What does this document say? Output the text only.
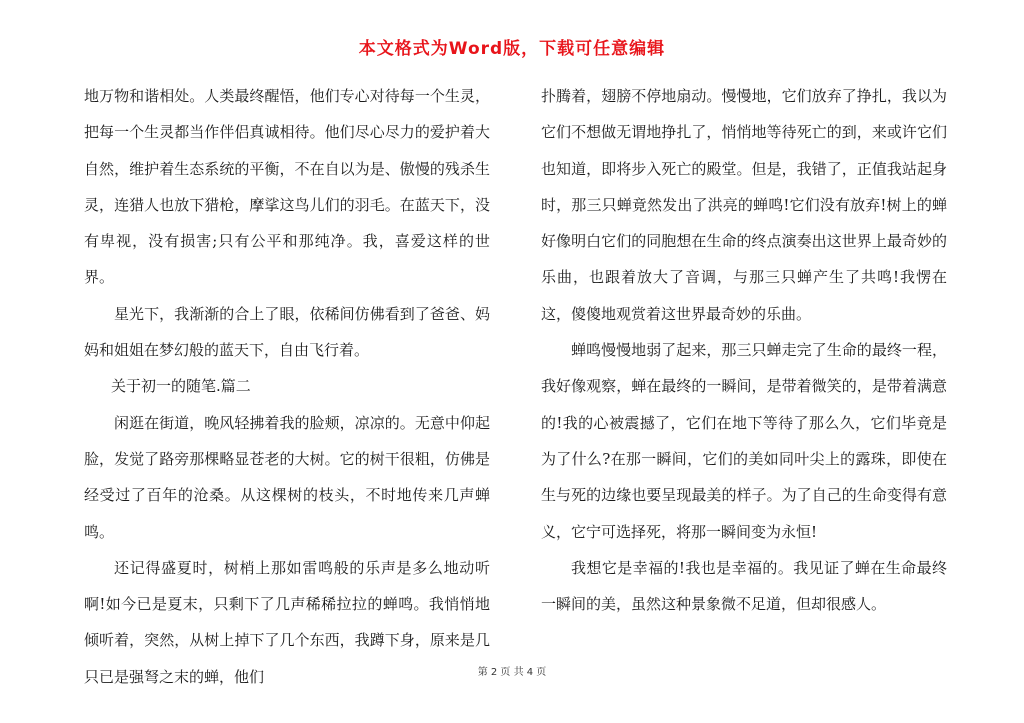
本文格式为Word版，下载可任意编辑

地万物和谐相处。人类最终醒悟，他们专心对待每一个生灵，把每一个生灵都当作伴侣真诚相待。他们尽心尽力的爱护着大自然，维护着生态系统的平衡，不在自以为是、傲慢的残杀生灵，连猎人也放下猎枪，摩挲这鸟儿们的羽毛。在蓝天下，没有卑视，没有损害;只有公平和那纯净。我，喜爱这样的世界。

星光下，我渐渐的合上了眼，依稀间仿佛看到了爸爸、妈妈和姐姐在梦幻般的蓝天下，自由飞行着。

关于初一的随笔.篇二

闲逛在街道，晚风轻拂着我的脸颊，凉凉的。无意中仰起脸，发觉了路旁那棵略显苍老的大树。它的树干很粗，仿佛是经受过了百年的沧桑。从这棵树的枝头，不时地传来几声蝉鸣。

还记得盛夏时，树梢上那如雷鸣般的乐声是多么地动听啊!如今已是夏末，只剩下了几声稀稀拉拉的蝉鸣。我悄悄地倾听着，突然，从树上掉下了几个东西，我蹲下身，原来是几只已是强弩之末的蝉，他们

扑腾着，翅膀不停地扇动。慢慢地，它们放弃了挣扎，我以为它们不想做无谓地挣扎了，悄悄地等待死亡的到，来或许它们也知道，即将步入死亡的殿堂。但是，我错了，正值我站起身时，那三只蝉竟然发出了洪亮的蝉鸣!它们没有放弃!树上的蝉好像明白它们的同胞想在生命的终点演奏出这世界上最奇妙的乐曲，也跟着放大了音调，与那三只蝉产生了共鸣!我愣在这，傻傻地观赏着这世界最奇妙的乐曲。

蝉鸣慢慢地弱了起来，那三只蝉走完了生命的最终一程，我好像观察，蝉在最终的一瞬间，是带着微笑的，是带着满意的!我的心被震撼了，它们在地下等待了那么久，它们毕竟是为了什么?在那一瞬间，它们的美如同叶尖上的露珠，即使在生与死的边缘也要呈现最美的样子。为了自己的生命变得有意义，它宁可选择死，将那一瞬间变为永恒!

我想它是幸福的!我也是幸福的。我见证了蝉在生命最终一瞬间的美，虽然这种景象微不足道，但却很感人。

第 2 页 共 4 页
